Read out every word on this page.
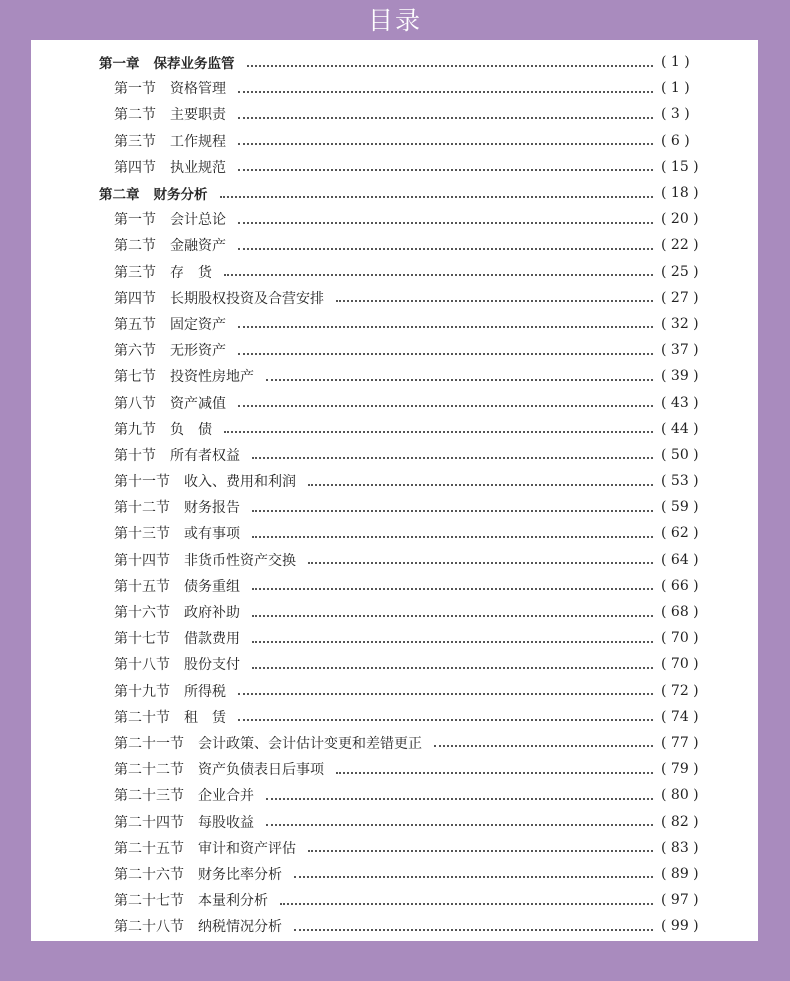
目录
第一章 保荐业务监管	( 1 )
第一节 资格管理	( 1 )
第二节 主要职责	( 3 )
第三节 工作规程	( 6 )
第四节 执业规范	( 15 )
第二章 财务分析	( 18 )
第一节 会计总论	( 20 )
第二节 金融资产	( 22 )
第三节 存　货	( 25 )
第四节 长期股权投资及合营安排	( 27 )
第五节 固定资产	( 32 )
第六节 无形资产	( 37 )
第七节 投资性房地产	( 39 )
第八节 资产减值	( 43 )
第九节 负　债	( 44 )
第十节 所有者权益	( 50 )
第十一节 收入、费用和利润	( 53 )
第十二节 财务报告	( 59 )
第十三节 或有事项	( 62 )
第十四节 非货币性资产交换	( 64 )
第十五节 债务重组	( 66 )
第十六节 政府补助	( 68 )
第十七节 借款费用	( 70 )
第十八节 股份支付	( 70 )
第十九节 所得税	( 72 )
第二十节 租　赁	( 74 )
第二十一节 会计政策、会计估计变更和差错更正	( 77 )
第二十二节 资产负债表日后事项	( 79 )
第二十三节 企业合并	( 80 )
第二十四节 每股收益	( 82 )
第二十五节 审计和资产评估	( 83 )
第二十六节 财务比率分析	( 89 )
第二十七节 本量利分析	( 97 )
第二十八节 纳税情况分析	( 99 )
